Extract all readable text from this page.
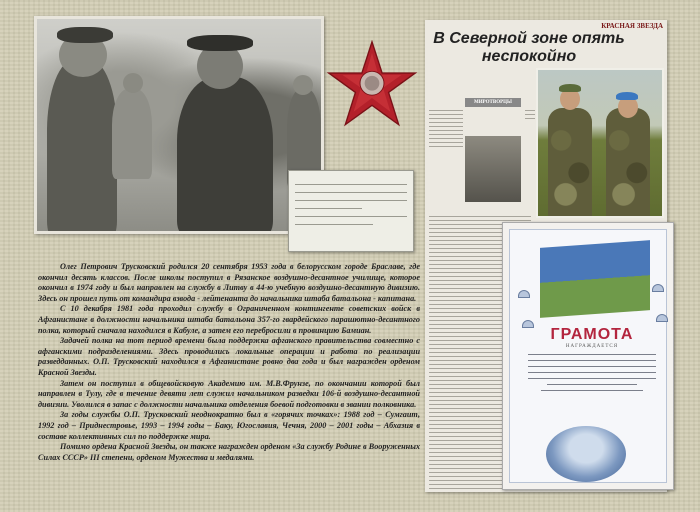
Олег Петрович Трусковский родился 20 сентября 1953 года в белорусском городе Браславе, где окончил десять классов. После школы поступил в Рязанское воздушно-десантное училище, которое окончил в 1974 году и был направлен на службу в Литву в 44-ю учебную воздушно-десантную дивизию. Здесь он прошел путь от командира взвода - лейтенанта до начальника штаба батальона - капитана.

С 10 декабря 1981 года проходил службу в Ограниченном контингенте советских войск в Афганистане в должности начальника штаба батальона 357-го гвардейского парашютно-десантного полка, который сначала находился в Кабуле, а затем его перебросили в провинцию Бамиан.

Задачей полка на тот период времени была поддержка афганского правительства совместно с афганскими подразделениями. Здесь проводились локальные операции и работа по реализации разведданных. О.П. Трусковский находился в Афганистане ровно два года и был награжден орденом Красной Звезды.

Затем он поступил в общевойсковую Академию им. М.В.Фрунзе, по окончании которой был направлен в Тулу, где в течение девяти лет служил начальником разведки 106-й воздушно-десантной дивизии. Уволился в запас с должности начальника отделения боевой подготовки в звании полковника.

За годы службы О.П. Трусковский неоднократно был в «горячих точках»: 1988 год – Сумгаит, 1992 год – Приднестровье, 1993 – 1994 годы – Баку, Югославия, Чечня, 2000 – 2001 годы – Абхазия в составе коллективных сил по поддержке мира.

Помимо ордена Красной Звезды, он также награжден орденом «За службу Родине в Вооруженных Силах СССР» III степени, орденом Мужества и медалями.

КРАСНАЯ ЗВЕЗДА
В Северной зоне опять неспокойно
МИРОТВОРЦЫ
ГРАМОТА
НАГРАЖДАЕТСЯ
